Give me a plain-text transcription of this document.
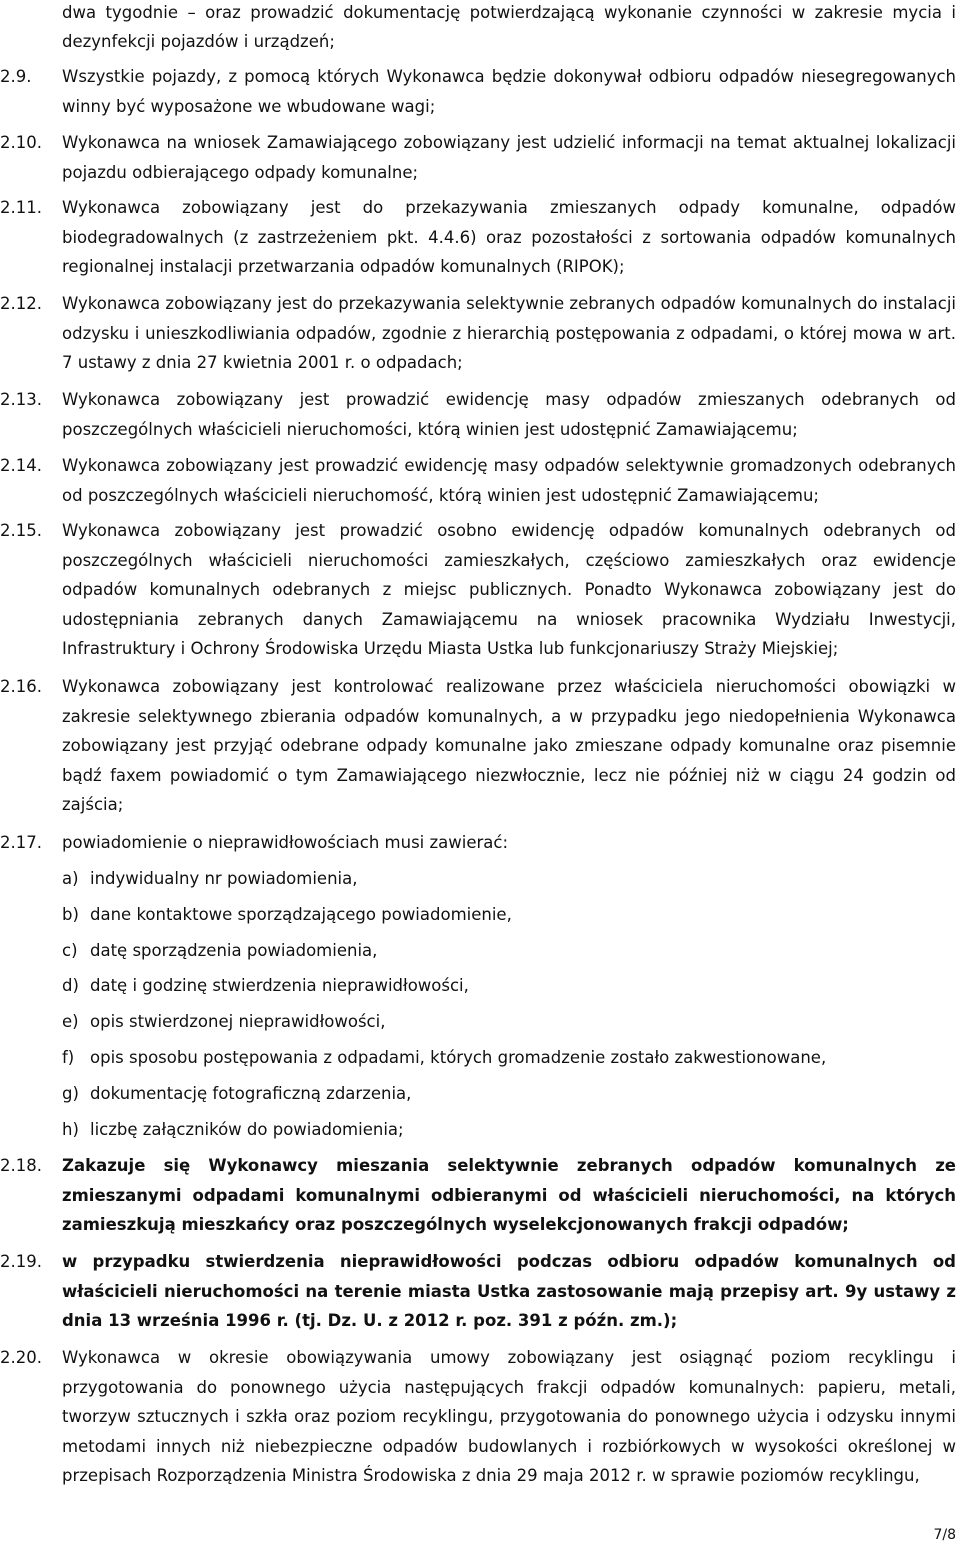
dwa tygodnie – oraz prowadzić dokumentację potwierdzającą wykonanie czynności w zakresie mycia i dezynfekcji pojazdów i urządzeń;
2.9.	Wszystkie pojazdy, z pomocą których Wykonawca będzie dokonywał odbioru odpadów niesegregowanych winny być wyposażone we wbudowane wagi;
2.10.	Wykonawca na wniosek Zamawiającego zobowiązany jest udzielić informacji na temat aktualnej lokalizacji pojazdu odbierającego odpady komunalne;
2.11.	Wykonawca zobowiązany jest do przekazywania zmieszanych odpady komunalne, odpadów biodegradowalnych (z zastrzeżeniem pkt. 4.4.6) oraz pozostałości z sortowania odpadów komunalnych regionalnej instalacji przetwarzania odpadów komunalnych (RIPOK);
2.12.	Wykonawca zobowiązany jest do przekazywania selektywnie zebranych odpadów komunalnych do instalacji odzysku i unieszkodliwiania odpadów, zgodnie z hierarchią postępowania z odpadami, o której mowa w art. 7 ustawy z dnia 27 kwietnia 2001 r. o odpadach;
2.13.	Wykonawca zobowiązany jest prowadzić ewidencję masy odpadów zmieszanych odebranych od poszczególnych właścicieli nieruchomości, którą winien jest udostępnić Zamawiającemu;
2.14.	Wykonawca zobowiązany jest prowadzić ewidencję masy odpadów selektywnie gromadzonych odebranych od poszczególnych właścicieli nieruchomość, którą winien jest udostępnić Zamawiającemu;
2.15.	Wykonawca zobowiązany jest prowadzić osobno ewidencję odpadów komunalnych odebranych od poszczególnych właścicieli nieruchomości zamieszkałych, częściowo zamieszkałych oraz ewidencje odpadów komunalnych odebranych z miejsc publicznych. Ponadto Wykonawca zobowiązany jest do udostępniania zebranych danych Zamawiającemu na wniosek pracownika Wydziału Inwestycji, Infrastruktury i Ochrony Środowiska Urzędu Miasta Ustka lub funkcjonariuszy Straży Miejskiej;
2.16.	Wykonawca zobowiązany jest kontrolować realizowane przez właściciela nieruchomości obowiązki w zakresie selektywnego zbierania odpadów komunalnych, a w przypadku jego niedopełnienia Wykonawca zobowiązany jest przyjąć odebrane odpady komunalne jako zmieszane odpady komunalne oraz pisemnie bądź faxem powiadomić o tym Zamawiającego niezwłocznie, lecz nie później niż w ciągu 24 godzin od zajścia;
2.17.	powiadomienie o nieprawidłowościach musi zawierać:
a) indywidualny nr powiadomienia,
b) dane kontaktowe sporządzającego powiadomienie,
c) datę sporządzenia powiadomienia,
d) datę i godzinę stwierdzenia nieprawidłowości,
e) opis stwierdzonej nieprawidłowości,
f) opis sposobu postępowania z odpadami, których gromadzenie zostało zakwestionowane,
g) dokumentację fotograficzną zdarzenia,
h) liczbę załączników do powiadomienia;
2.18.	Zakazuje się Wykonawcy mieszania selektywnie zebranych odpadów komunalnych ze zmieszanymi odpadami komunalnymi odbieranymi od właścicieli nieruchomości, na których zamieszkują mieszkańcy oraz poszczególnych wyselekcjonowanych frakcji odpadów;
2.19.	w przypadku stwierdzenia nieprawidłowości podczas odbioru odpadów komunalnych od właścicieli nieruchomości na terenie miasta Ustka zastosowanie mają przepisy art. 9y ustawy z dnia 13 września 1996 r. (tj. Dz. U. z 2012 r. poz. 391 z późn. zm.);
2.20.	Wykonawca w okresie obowiązywania umowy zobowiązany jest osiągnąć poziom recyklingu i przygotowania do ponownego użycia następujących frakcji odpadów komunalnych: papieru, metali, tworzyw sztucznych i szkła oraz poziom recyklingu, przygotowania do ponownego użycia i odzysku innymi metodami innych niż niebezpieczne odpadów budowlanych i rozbiórkowych w wysokości określonej w przepisach Rozporządzenia Ministra Środowiska z dnia 29 maja 2012 r. w sprawie poziomów recyklingu,
7/8
